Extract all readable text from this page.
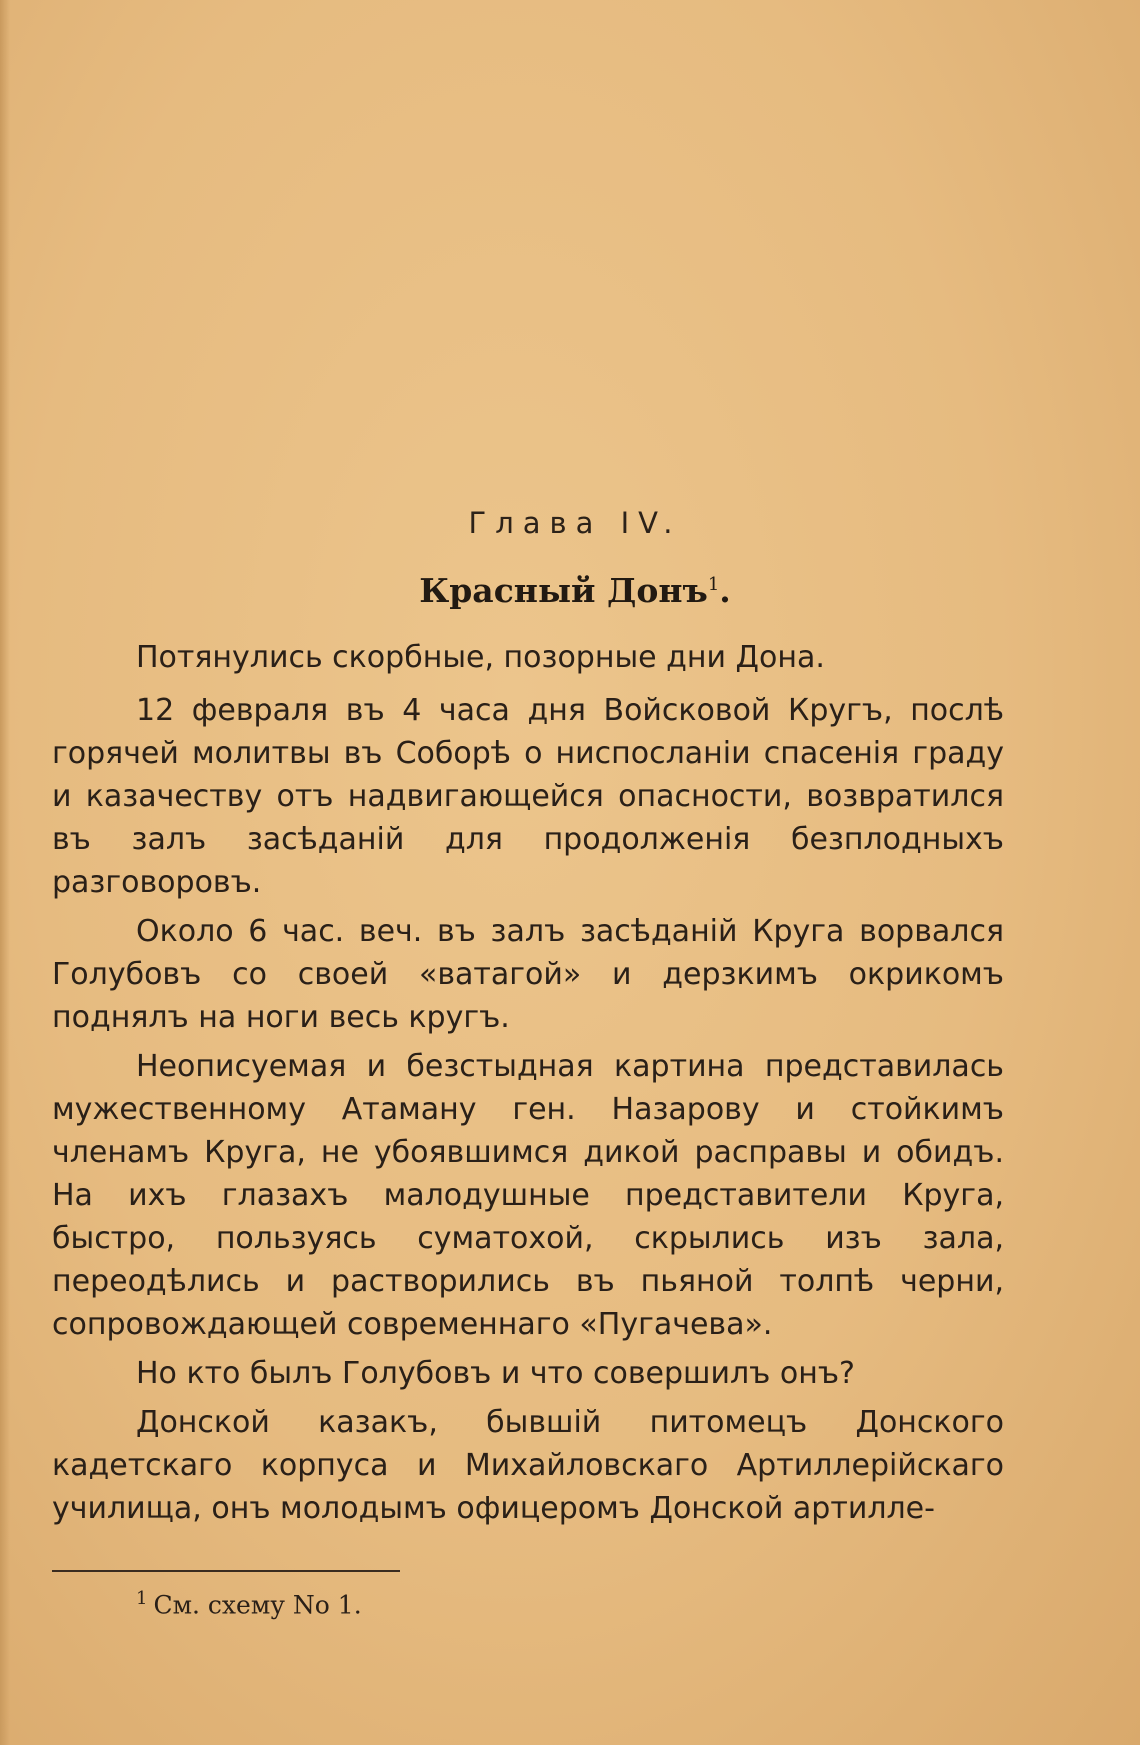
Глава IV.
Красный Донъ$^1$.

Потянулись скорбные, позорные дни Дона.

12 февраля въ 4 часа дня Войсковой Кругъ, послѣ горячей молитвы въ Соборѣ о ниспосланіи спасенія граду и казачеству отъ надвигающейся опасности, возвратился въ залъ засѣданій для продолженія безплодныхъ разговоровъ.

Около 6 час. веч. въ залъ засѣданій Круга ворвался Голубовъ со своей «ватагой» и дерзкимъ окрикомъ поднялъ на ноги весь кругъ.

Неописуемая и безстыдная картина представилась мужественному Атаману ген. Назарову и стойкимъ членамъ Круга, не убоявшимся дикой расправы и обидъ. На ихъ глазахъ малодушные представители Круга, быстро, пользуясь суматохой, скрылись изъ зала, переодѣлись и растворились въ пьяной толпѣ черни, сопровождающей современнаго «Пугачева».

Но кто былъ Голубовъ и что совершилъ онъ?

Донской казакъ, бывшій питомецъ Донского кадетскаго корпуса и Михайловскаго Артиллерійскаго училища, онъ молодымъ офицеромъ Донской артилле-

$^1$ См. схему No 1.
